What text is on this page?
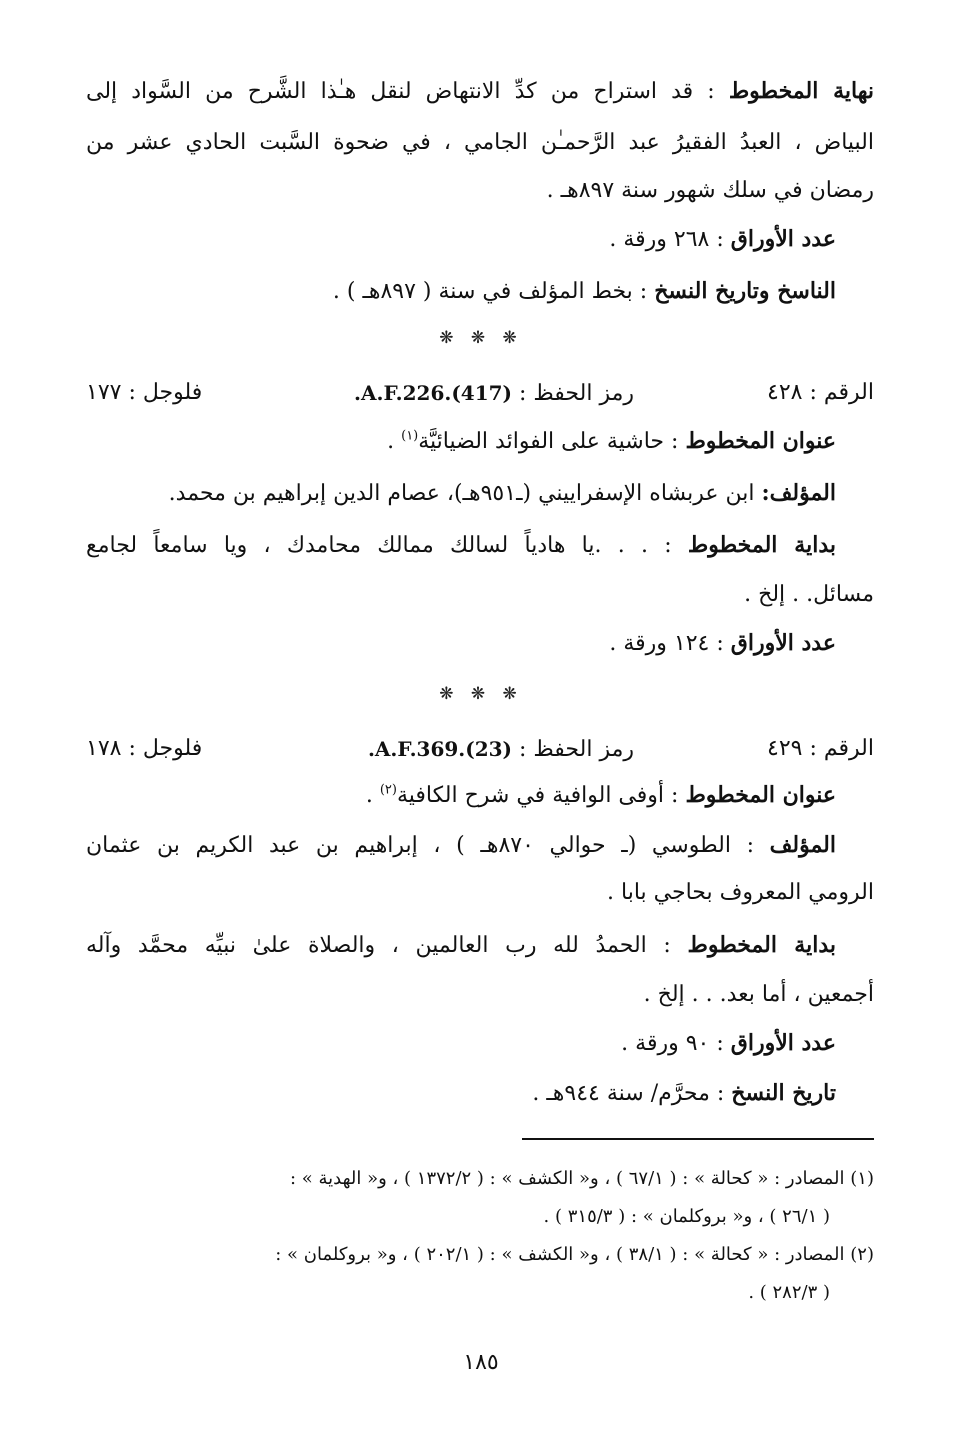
نهاية المخطوط : قد استراح من كدِّ الانتهاض لنقل هـٰذا الشَّرح من السَّواد إلى
البياض ، العبدُ الفقيرُ عبد الرَّحمـٰن الجامي ، في ضحوة السَّبت الحادي عشر من
رمضان في سلك شهور سنة ٨٩٧هـ .
عدد الأوراق : ٢٦٨ ورقة .
الناسخ وتاريخ النسخ : بخط المؤلف في سنة ( ٨٩٧هـ ) .
❋ ❋ ❋
الرقم : ٤٢٨
رمز الحفظ : .A.F.226.(417)
فلوجل : ١٧٧
عنوان المخطوط : حاشية على الفوائد الضيائيَّة$^{(١)}$ .
المؤلف: ابن عربشاه الإسفراييني (ـ٩٥١هـ)، عصام الدين إبراهيم بن محمد.
بداية المخطوط : . . .يا هادياً لسالك ممالك محامدك ، ويا سامعاً لجامع
مسائل. . إلخ .
عدد الأوراق : ١٢٤ ورقة .
❋ ❋ ❋
الرقم : ٤٢٩
رمز الحفظ : .A.F.369.(23)
فلوجل : ١٧٨
عنوان المخطوط : أوفى الوافية في شرح الكافية$^{(٢)}$ .
المؤلف : الطوسي (ـ حوالي ٨٧٠هـ ) ، إبراهيم بن عبد الكريم بن عثمان
الرومي المعروف بحاجي بابا .
بداية المخطوط : الحمدُ لله رب العالمين ، والصلاة علىٰ نبيِّه محمَّد وآله
أجمعين ، أما بعد. . . إلخ .
عدد الأوراق : ٩٠ ورقة .
تاريخ النسخ : محرَّم/ سنة ٩٤٤هـ .
(١) المصادر : « كحالة » : ( ٦٧/١ ) ، و« الكشف » : ( ١٣٧٢/٢ ) ، و« الهدية » :
( ٢٦/١ ) ، و« بروكلمان » : ( ٣١٥/٣ ) .
(٢) المصادر : « كحالة » : ( ٣٨/١ ) ، و« الكشف » : ( ٢٠٢/١ ) ، و« بروكلمان » :
( ٢٨٢/٣ ) .
١٨٥
